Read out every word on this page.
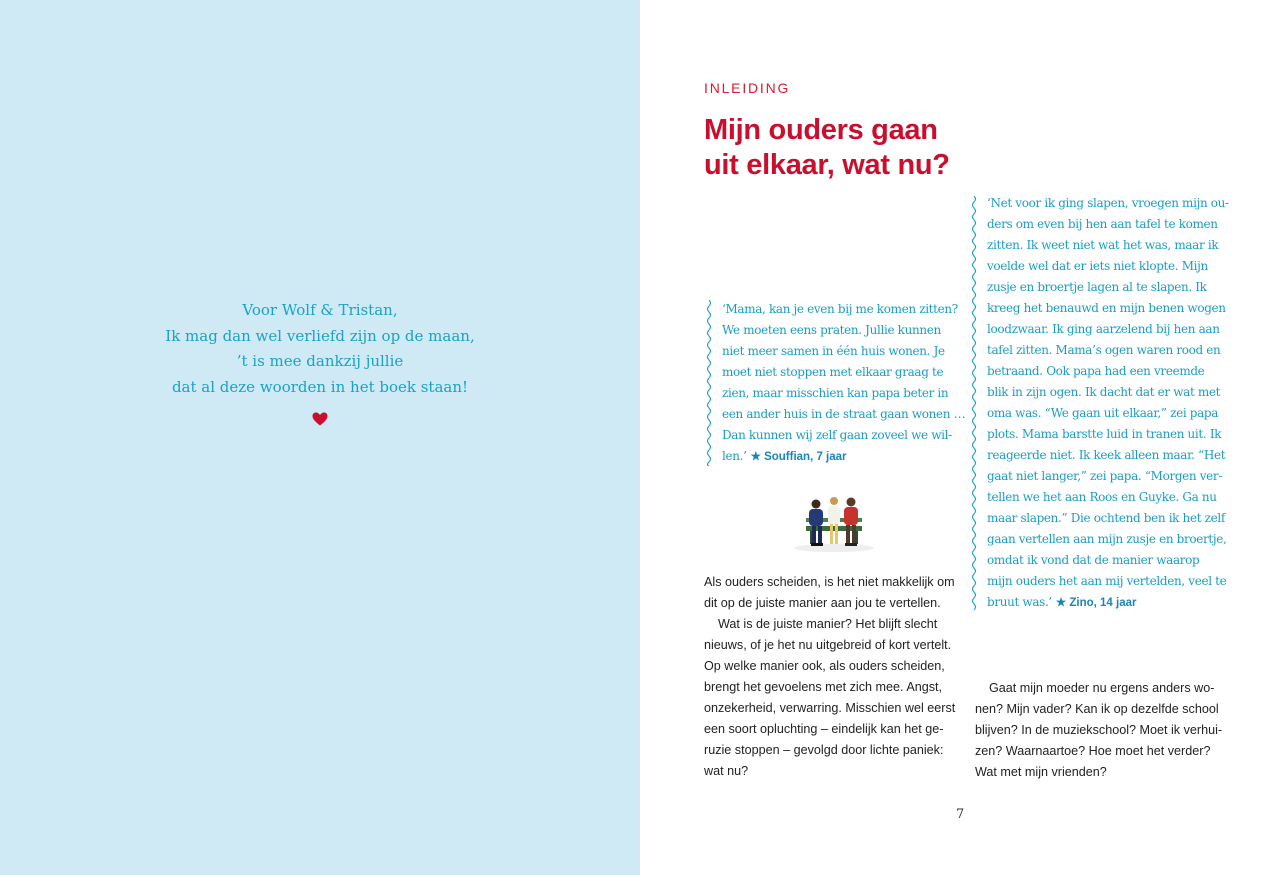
Voor Wolf & Tristan,
Ik mag dan wel verliefd zijn op de maan,
’t is mee dankzij jullie
dat al deze woorden in het boek staan!
INLEIDING
Mijn ouders gaan
uit elkaar, wat nu?
‘Mama, kan je even bij me komen zitten?
We moeten eens praten. Jullie kunnen
niet meer samen in één huis wonen. Je
moet niet stoppen met elkaar graag te
zien, maar misschien kan papa beter in
een ander huis in de straat gaan wonen …
Dan kunnen wij zelf gaan zoveel we wil-
len.’ ★ Souffian, 7 jaar
‘Net voor ik ging slapen, vroegen mijn ou-
ders om even bij hen aan tafel te komen
zitten. Ik weet niet wat het was, maar ik
voelde wel dat er iets niet klopte. Mijn
zusje en broertje lagen al te slapen. Ik
kreeg het benauwd en mijn benen wogen
loodzwaar. Ik ging aarzelend bij hen aan
tafel zitten. Mama’s ogen waren rood en
betraand. Ook papa had een vreemde
blik in zijn ogen. Ik dacht dat er wat met
oma was. “We gaan uit elkaar,” zei papa
plots. Mama barstte luid in tranen uit. Ik
reageerde niet. Ik keek alleen maar. “Het
gaat niet langer,” zei papa. “Morgen ver-
tellen we het aan Roos en Guyke. Ga nu
maar slapen.” Die ochtend ben ik het zelf
gaan vertellen aan mijn zusje en broertje,
omdat ik vond dat de manier waarop
mijn ouders het aan mij vertelden, veel te
bruut was.’ ★ Zino, 14 jaar
Als ouders scheiden, is het niet makkelijk om
dit op de juiste manier aan jou te vertellen.
Wat is de juiste manier? Het blijft slecht
nieuws, of je het nu uitgebreid of kort vertelt.
Op welke manier ook, als ouders scheiden,
brengt het gevoelens met zich mee. Angst,
onzekerheid, verwarring. Misschien wel eerst
een soort opluchting – eindelijk kan het ge-
ruzie stoppen – gevolgd door lichte paniek:
wat nu?
Gaat mijn moeder nu ergens anders wo-
nen? Mijn vader? Kan ik op dezelfde school
blijven? In de muziekschool? Moet ik verhui-
zen? Waarnaartoe? Hoe moet het verder?
Wat met mijn vrienden?
7
